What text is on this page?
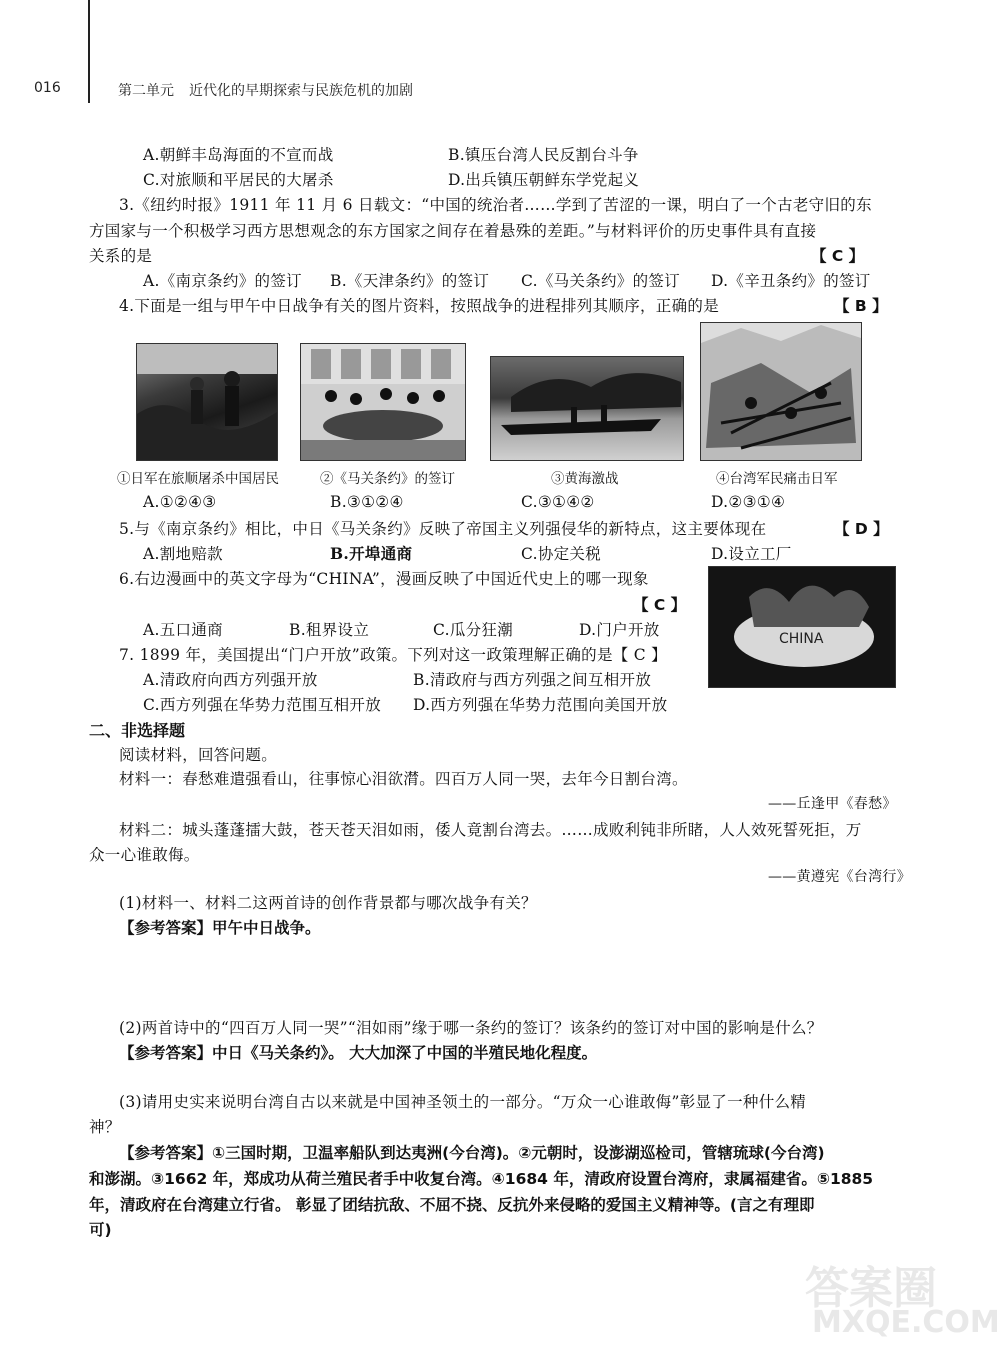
016	第二单元 近代化的早期探索与民族危机的加剧
A.朝鲜丰岛海面的不宣而战	B.镇压台湾人民反割台斗争
C.对旅顺和平居民的大屠杀	D.出兵镇压朝鲜东学党起义
3.《纽约时报》1911 年 11 月 6 日载文：“中国的统治者……学到了苦涩的一课，明白了一个古老守旧的东
方国家与一个积极学习西方思想观念的东方国家之间存在着悬殊的差距。”与材料评价的历史事件具有直接
关系的是	【 C 】
A.《南京条约》的签订 B.《天津条约》的签订 C.《马关条约》的签订 D.《辛丑条约》的签订
4.下面是一组与甲午中日战争有关的图片资料，按照战争的进程排列其顺序，正确的是	【 B 】
①日军在旅顺屠杀中国居民	②《马关条约》的签订	③黄海激战	④台湾军民痛击日军
A.①②④③	B.③①②④	C.③①④②	D.②③①④
5.与《南京条约》相比，中日《马关条约》反映了帝国主义列强侵华的新特点，这主要体现在	【 D 】
A.割地赔款	B.开埠通商	C.协定关税	D.设立工厂
6.右边漫画中的英文字母为“CHINA”，漫画反映了中国近代史上的哪一现象
【 C 】
A.五口通商	B.租界设立	C.瓜分狂潮	D.门户开放	CHINA
7. 1899 年，美国提出“门户开放”政策。下列对这一政策理解正确的是【 C 】
A.清政府向西方列强开放	B.清政府与西方列强之间互相开放
C.西方列强在华势力范围互相开放 D.西方列强在华势力范围向美国开放
二、非选择题
阅读材料，回答问题。
材料一：春愁难遣强看山，往事惊心泪欲潸。四百万人同一哭，去年今日割台湾。
——丘逢甲《春愁》
材料二：城头蓬蓬擂大鼓，苍天苍天泪如雨，倭人竟割台湾去。……成败利钝非所睹，人人效死誓死拒，万
众一心谁敢侮。
——黄遵宪《台湾行》
(1)材料一、材料二这两首诗的创作背景都与哪次战争有关？
【参考答案】甲午中日战争。
(2)两首诗中的“四百万人同一哭”“泪如雨”缘于哪一条约的签订？该条约的签订对中国的影响是什么？
【参考答案】中日《马关条约》。 大大加深了中国的半殖民地化程度。
(3)请用史实来说明台湾自古以来就是中国神圣领土的一部分。“万众一心谁敢侮”彰显了一种什么精
神？
【参考答案】①三国时期，卫温率船队到达夷洲(今台湾)。②元朝时，设澎湖巡检司，管辖琉球(今台湾)
和澎湖。③1662 年，郑成功从荷兰殖民者手中收复台湾。④1684 年，清政府设置台湾府，隶属福建省。⑤1885
年，清政府在台湾建立行省。 彰显了团结抗敌、不屈不挠、反抗外来侵略的爱国主义精神等。(言之有理即
可)
答案圈
MXQE.COM
